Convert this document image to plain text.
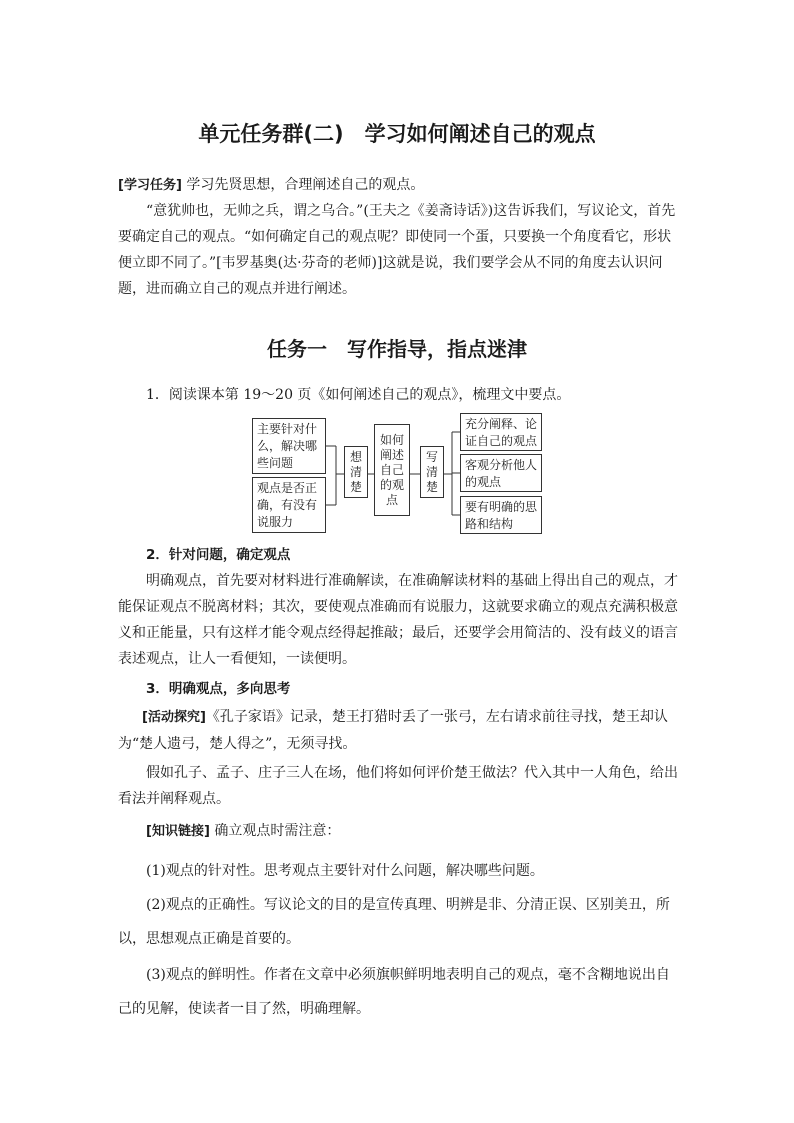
单元任务群(二)　学习如何阐述自己的观点

[学习任务] 学习先贤思想，合理阐述自己的观点。

“意犹帅也，无帅之兵，谓之乌合。”(王夫之《姜斋诗话》)这告诉我们，写议论文，首先要确定自己的观点。“如何确定自己的观点呢？即使同一个蛋，只要换一个角度看它，形状便立即不同了。”[韦罗基奥(达·芬奇的老师)]这就是说，我们要学会从不同的角度去认识问题，进而确立自己的观点并进行阐述。

任务一　写作指导，指点迷津

1．阅读课本第 19～20 页《如何阐述自己的观点》，梳理文中要点。

主要针对什么，解决哪些问题
观点是否正确，有没有说服力
想清楚
如何阐述自己的观点
写清楚
充分阐释、论证自己的观点
客观分析他人的观点
要有明确的思路和结构

2．针对问题，确定观点

明确观点，首先要对材料进行准确解读，在准确解读材料的基础上得出自己的观点，才能保证观点不脱离材料；其次，要使观点准确而有说服力，这就要求确立的观点充满积极意义和正能量，只有这样才能令观点经得起推敲；最后，还要学会用简洁的、没有歧义的语言表述观点，让人一看便知，一读便明。

3．明确观点，多向思考

[活动探究]《孔子家语》记录，楚王打猎时丢了一张弓，左右请求前往寻找，楚王却认为“楚人遗弓，楚人得之”，无须寻找。

假如孔子、孟子、庄子三人在场，他们将如何评价楚王做法？代入其中一人角色，给出看法并阐释观点。

[知识链接] 确立观点时需注意：

(1)观点的针对性。思考观点主要针对什么问题，解决哪些问题。

(2)观点的正确性。写议论文的目的是宣传真理、明辨是非、分清正误、区别美丑，所以，思想观点正确是首要的。

(3)观点的鲜明性。作者在文章中必须旗帜鲜明地表明自己的观点，毫不含糊地说出自己的见解，使读者一目了然，明确理解。
